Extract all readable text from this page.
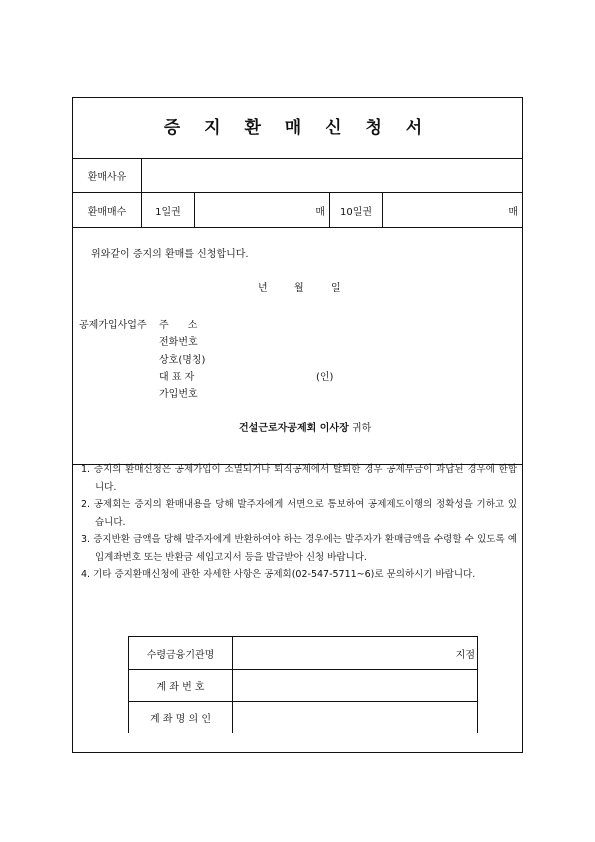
증 지 환 매 신 청 서
환매사유
환매매수	1일권	매	10일권	매
위와같이 증지의 환매를 신청합니다.
년	월	일
공제가입사업주 주      소
전화번호
상호(명칭)
대 표 자	(인)
가입번호
건설근로자공제회 이사장 귀하

1. 증지의 환매신청은 공제가입이 소멸되거나 퇴직공제에서 탈퇴한 경우 공제부금이 과납된 경우에 한합니다.

2. 공제회는 증지의 환매내용을 당해 발주자에게 서면으로 통보하여 공제제도이행의 정확성을 기하고 있습니다.

3. 증지반환 금액을 당해 발주자에게 반환하여야 하는 경우에는 발주자가 환매금액을 수령할 수 있도록 예입계좌번호 또는 반환금 세입고지서 등을 발급받아 신청 바랍니다.

4. 기타 증지환매신청에 관한 자세한 사항은 공제회(02-547-5711~6)로 문의하시기 바랍니다.

수령금융기관명	지점
계 좌 번 호
계 좌 명 의 인
